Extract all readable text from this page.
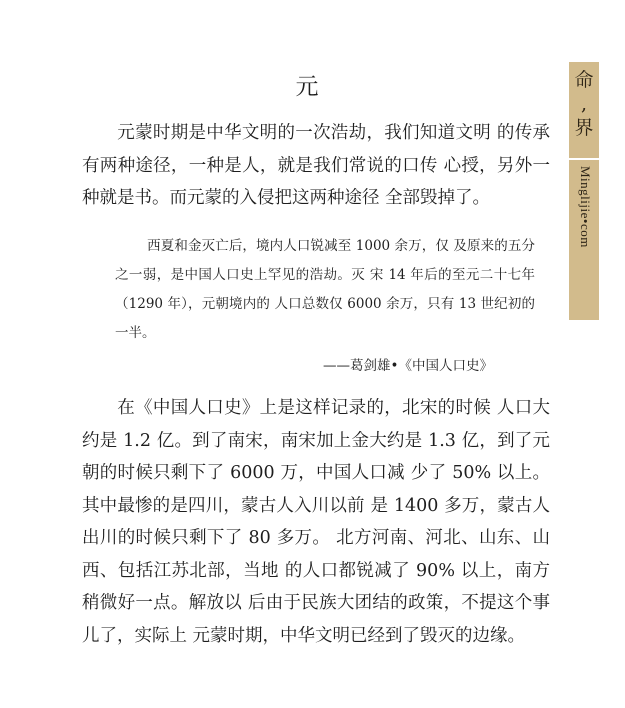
元

元蒙时期是中华文明的一次浩劫，我们知道文明 的传承有两种途径，一种是人，就是我们常说的口传 心授，另外一种就是书。而元蒙的入侵把这两种途径 全部毁掉了。

西夏和金灭亡后，境内人口锐减至 1000 余万，仅 及原来的五分之一弱，是中国人口史上罕见的浩劫。灭 宋 14 年后的至元二十七年（1290 年），元朝境内的 人口总数仅 6000 余万，只有 13 世纪初的一半。

——葛剑雄•《中国人口史》

在《中国人口史》上是这样记录的，北宋的时候 人口大约是 1.2 亿。到了南宋，南宋加上金大约是 1.3 亿，到了元朝的时候只剩下了 6000 万，中国人口减 少了 50% 以上。其中最惨的是四川，蒙古人入川以前 是 1400 多万，蒙古人出川的时候只剩下了 80 多万。 北方河南、河北、山东、山西、包括江苏北部，当地 的人口都锐减了 90% 以上，南方稍微好一点。解放以 后由于民族大团结的政策，不提这个事儿了，实际上 元蒙时期，中华文明已经到了毁灭的边缘。

命
,
界
Minglijie•com
